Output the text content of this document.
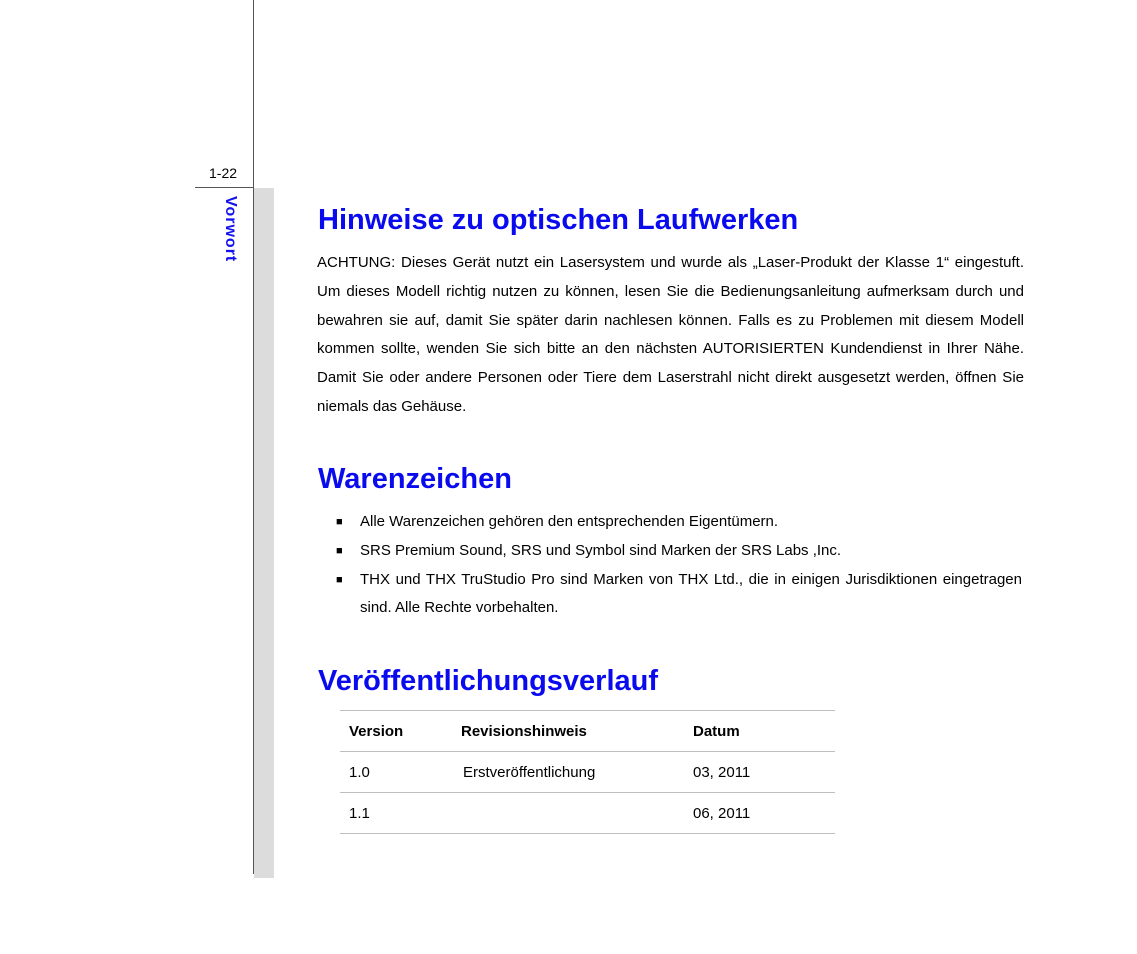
1-22
Vorwort	Hinweise zu optischen Laufwerken

ACHTUNG: Dieses Gerät nutzt ein Lasersystem und wurde als „Laser-Produkt der Klasse 1“ eingestuft. Um dieses Modell richtig nutzen zu können, lesen Sie die Bedienungsanleitung aufmerksam durch und bewahren sie auf, damit Sie später darin nachlesen können. Falls es zu Problemen mit diesem Modell kommen sollte, wenden Sie sich bitte an den nächsten AUTORISIERTEN Kundendienst in Ihrer Nähe. Damit Sie oder andere Personen oder Tiere dem Laserstrahl nicht direkt ausgesetzt werden, öffnen Sie niemals das Gehäuse.

Warenzeichen
■ Alle Warenzeichen gehören den entsprechenden Eigentümern.
■ SRS Premium Sound, SRS und Symbol sind Marken der SRS Labs ,Inc.
■ THX und THX TruStudio Pro sind Marken von THX Ltd., die in einigen Jurisdiktionen eingetragen sind. Alle Rechte vorbehalten.
Veröffentlichungsverlauf
Version	Revisionshinweis	Datum
1.0	Erstveröffentlichung	03, 2011
1.1		06, 2011
